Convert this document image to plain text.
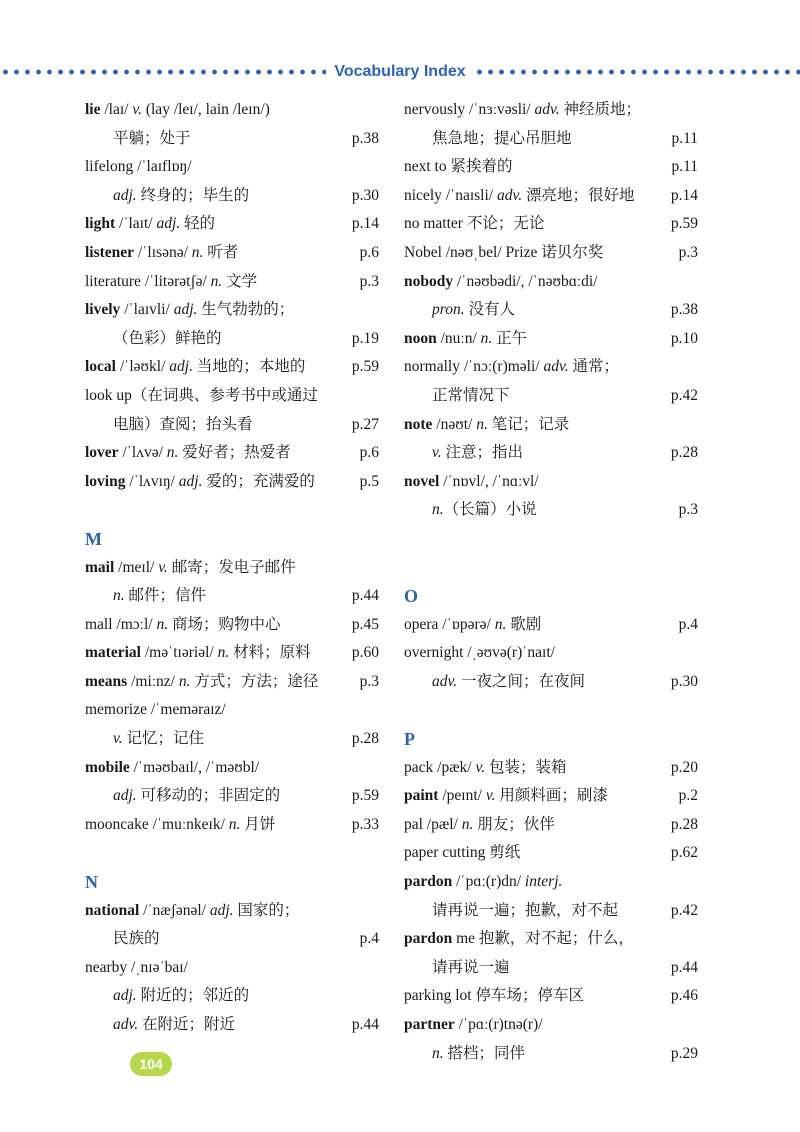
Vocabulary Index
lie /laɪ/ v. (lay /leɪ/, lain /leɪn/)
平躺；处于	p.38
lifelong /ˈlaɪflɒŋ/
adj. 终身的；毕生的	p.30
light /ˈlaɪt/ adj. 轻的	p.14
listener /ˈlɪsənə/ n. 听者	p.6
literature /ˈlitərətʃə/ n. 文学	p.3
lively /ˈlaɪvli/ adj. 生气勃勃的；
（色彩）鲜艳的	p.19
local /ˈləʊkl/ adj. 当地的；本地的	p.59
look up（在词典、参考书中或通过
电脑）查阅；抬头看	p.27
lover /ˈlʌvə/ n. 爱好者；热爱者	p.6
loving /ˈlʌvɪŋ/ adj. 爱的；充满爱的	p.5
M
mail /meɪl/ v. 邮寄；发电子邮件
n. 邮件；信件	p.44
mall /mɔːl/ n. 商场；购物中心	p.45
material /məˈtɪəriəl/ n. 材料；原料	p.60
means /miːnz/ n. 方式；方法；途径	p.3
memorize /ˈmeməraɪz/
v. 记忆；记住	p.28
mobile /ˈməʊbaɪl/, /ˈməʊbl/
adj. 可移动的；非固定的	p.59
mooncake /ˈmuːnkeɪk/ n. 月饼	p.33
N
national /ˈnæʃənəl/ adj. 国家的；
民族的	p.4
nearby /ˌnɪəˈbaɪ/
adj. 附近的；邻近的
adv. 在附近；附近	p.44
nervously /ˈnɜːvəsli/ adv. 神经质地；
焦急地；提心吊胆地	p.11
next to 紧挨着的	p.11
nicely /ˈnaɪsli/ adv. 漂亮地；很好地	p.14
no matter 不论；无论	p.59
Nobel /nəʊˌbel/ Prize 诺贝尔奖	p.3
nobody /ˈnəʊbədi/, /ˈnəʊbɑːdi/
pron. 没有人	p.38
noon /nuːn/ n. 正午	p.10
normally /ˈnɔː(r)məli/ adv. 通常；
正常情况下	p.42
note /nəʊt/ n. 笔记；记录
v. 注意；指出	p.28
novel /ˈnɒvl/, /ˈnɑːvl/
n.（长篇）小说	p.3
O
opera /ˈɒpərə/ n. 歌剧	p.4
overnight /ˌəʊvə(r)ˈnaɪt/
adv. 一夜之间；在夜间	p.30
P
pack /pæk/ v. 包装；装箱	p.20
paint /peɪnt/ v. 用颜料画；刷漆	p.2
pal /pæl/ n. 朋友；伙伴	p.28
paper cutting 剪纸	p.62
pardon /ˈpɑː(r)dn/ interj.
请再说一遍；抱歉，对不起	p.42
pardon me 抱歉，对不起；什么，
请再说一遍	p.44
parking lot 停车场；停车区	p.46
partner /ˈpɑː(r)tnə(r)/
n. 搭档；同伴	p.29
104
